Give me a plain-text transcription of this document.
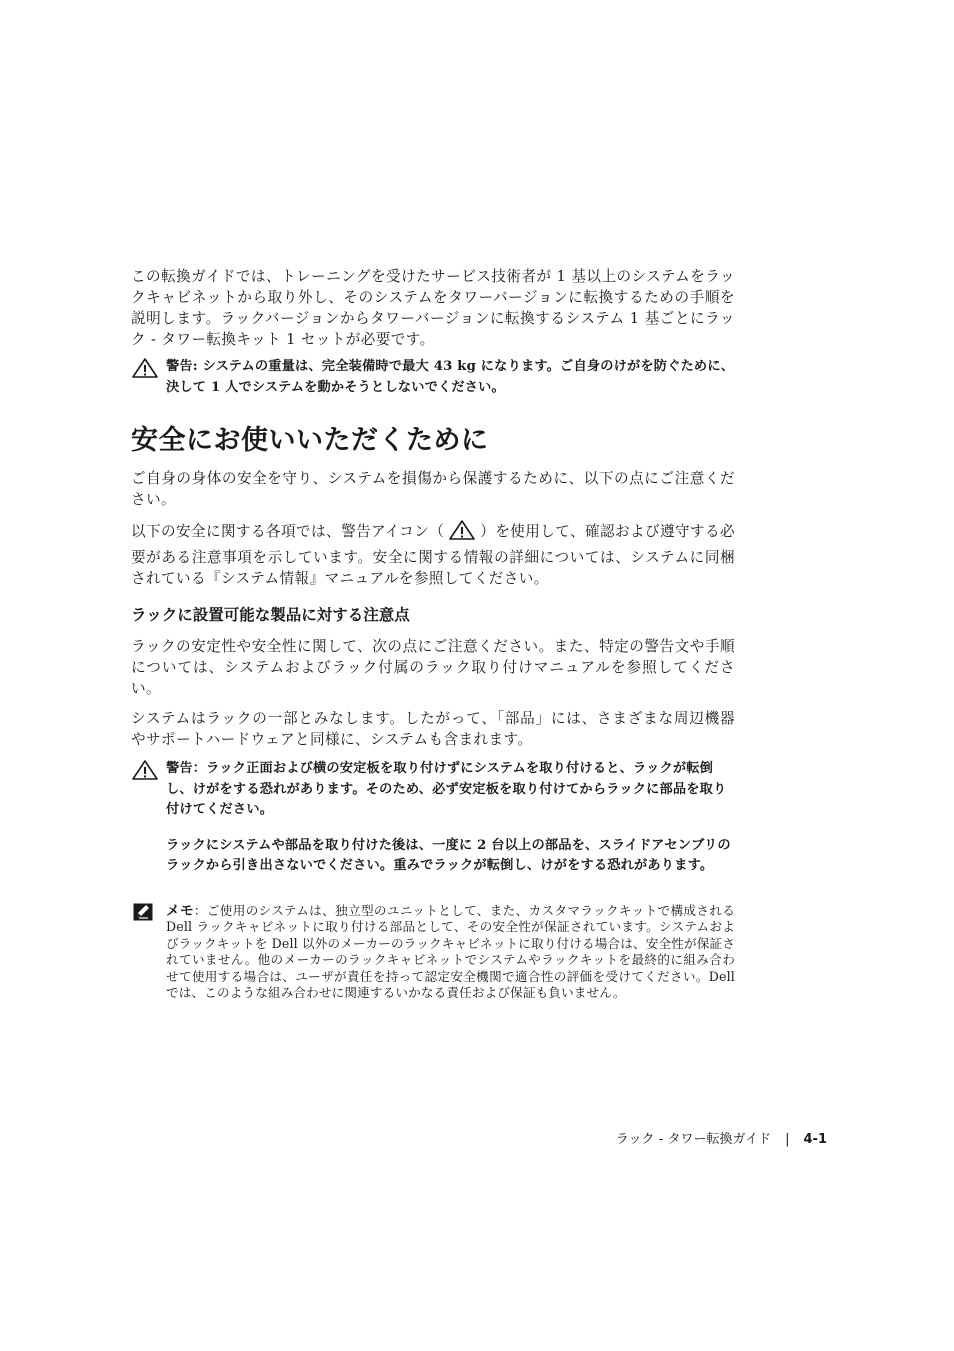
この転換ガイドでは、トレーニングを受けたサービス技術者が 1 基以上のシステムをラックキャビネットから取り外し、そのシステムをタワーバージョンに転換するための手順を説明します。ラックバージョンからタワーバージョンに転換するシステム 1 基ごとにラック - タワー転換キット 1 セットが必要です。

警告: システムの重量は、完全装備時で最大 43 kg になります。ご自身のけがを防ぐために、決して 1 人でシステムを動かそうとしないでください。
安全にお使いいただくために

ご自身の身体の安全を守り、システムを損傷から保護するために、以下の点にご注意ください。

以下の安全に関する各項では、警告アイコン（ ）を使用して、確認および遵守する必要がある注意事項を示しています。安全に関する情報の詳細については、システムに同梱されている『システム情報』マニュアルを参照してください。

ラックに設置可能な製品に対する注意点

ラックの安定性や安全性に関して、次の点にご注意ください。また、特定の警告文や手順については、システムおよびラック付属のラック取り付けマニュアルを参照してください。

システムはラックの一部とみなします。したがって、「部品」には、さまざまな周辺機器やサポートハードウェアと同様に、システムも含まれます。

警告：ラック正面および横の安定板を取り付けずにシステムを取り付けると、ラックが転倒し、けがをする恐れがあります。そのため、必ず安定板を取り付けてからラックに部品を取り付けてください。
ラックにシステムや部品を取り付けた後は、一度に 2 台以上の部品を、スライドアセンブリのラックから引き出さないでください。重みでラックが転倒し、けがをする恐れがあります。
メモ：ご使用のシステムは、独立型のユニットとして、また、カスタマラックキットで構成される Dell ラックキャビネットに取り付ける部品として、その安全性が保証されています。システムおよびラックキットを Dell 以外のメーカーのラックキャビネットに取り付ける場合は、安全性が保証されていません。他のメーカーのラックキャビネットでシステムやラックキットを最終的に組み合わせて使用する場合は、ユーザが責任を持って認定安全機関で適合性の評価を受けてください。Dell では、このような組み合わせに関連するいかなる責任および保証も負いません。
ラック - タワー転換ガイド | 4-1
